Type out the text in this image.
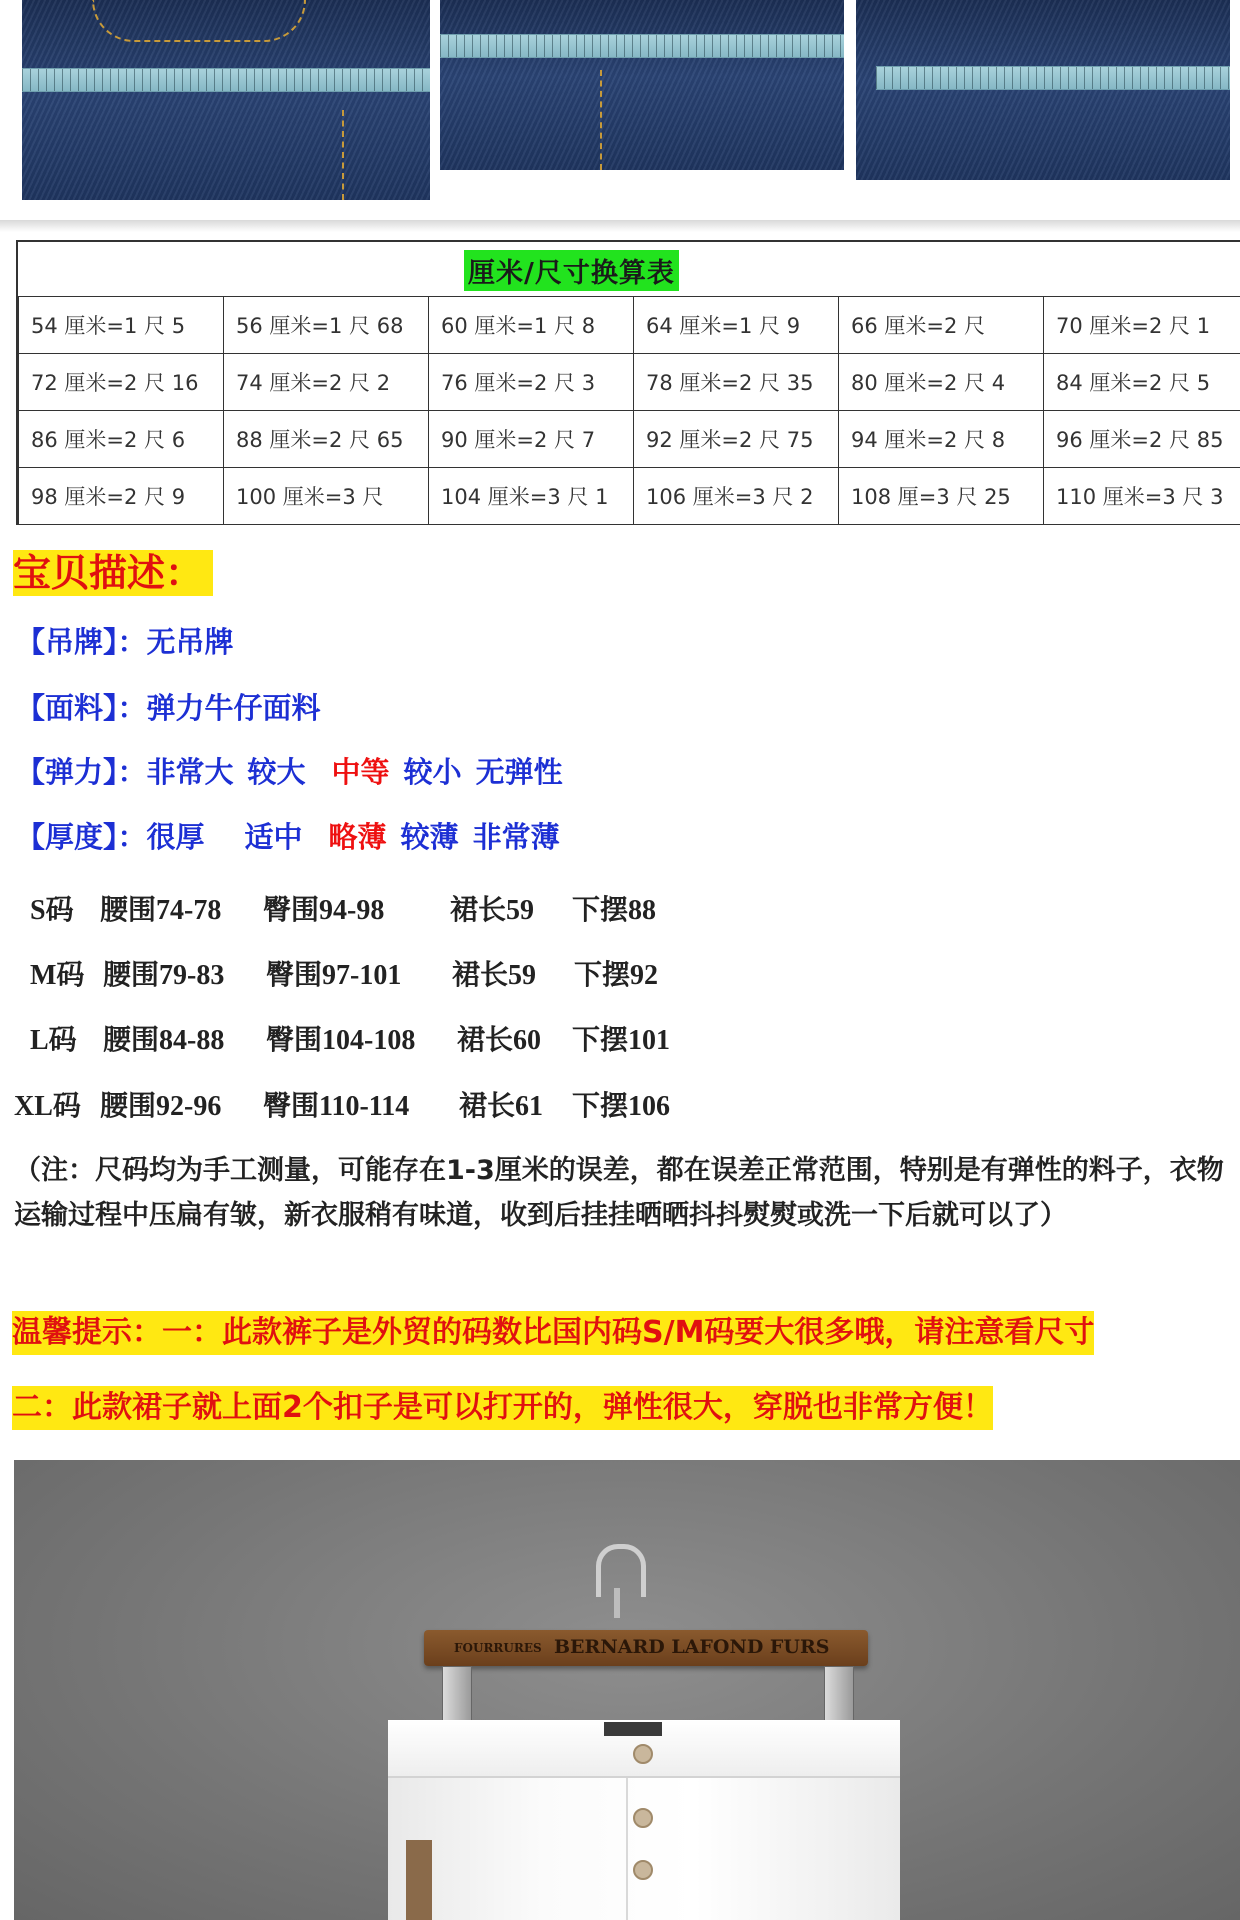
厘米/尺寸换算表
54 厘米=1 尺 5	56 厘米=1 尺 68	60 厘米=1 尺 8	64 厘米=1 尺 9	66 厘米=2 尺	70 厘米=2 尺 1
72 厘米=2 尺 16	74 厘米=2 尺 2	76 厘米=2 尺 3	78 厘米=2 尺 35	80 厘米=2 尺 4	84 厘米=2 尺 5
86 厘米=2 尺 6	88 厘米=2 尺 65	90 厘米=2 尺 7	92 厘米=2 尺 75	94 厘米=2 尺 8	96 厘米=2 尺 85
98 厘米=2 尺 9	100 厘米=3 尺	104 厘米=3 尺 1	106 厘米=3 尺 2	108 厘=3 尺 25	110 厘米=3 尺 3
宝贝描述：
【吊牌】：无吊牌
【面料】：弹力牛仔面料
【弹力】：非常大 较大 中等 较小 无弹性
【厚度】：很厚 适中 略薄 较薄 非常薄
S码 腰围74-78 臀围94-98 裙长59 下摆88
M码 腰围79-83 臀围97-101 裙长59 下摆92
L码 腰围84-88 臀围104-108 裙长60 下摆101
XL码 腰围92-96 臀围110-114 裙长61 下摆106
（注：尺码均为手工测量，可能存在1-3厘米的误差，都在误差正常范围，特别是有弹性的料子，衣物运输过程中压扁有皱，新衣服稍有味道，收到后挂挂晒晒抖抖熨熨或洗一下后就可以了）
温馨提示：一：此款裤子是外贸的码数比国内码S/M码要大很多哦，请注意看尺寸
二：此款裙子就上面2个扣子是可以打开的，弹性很大，穿脱也非常方便！
FOURRURES BERNARD LAFOND FURS
